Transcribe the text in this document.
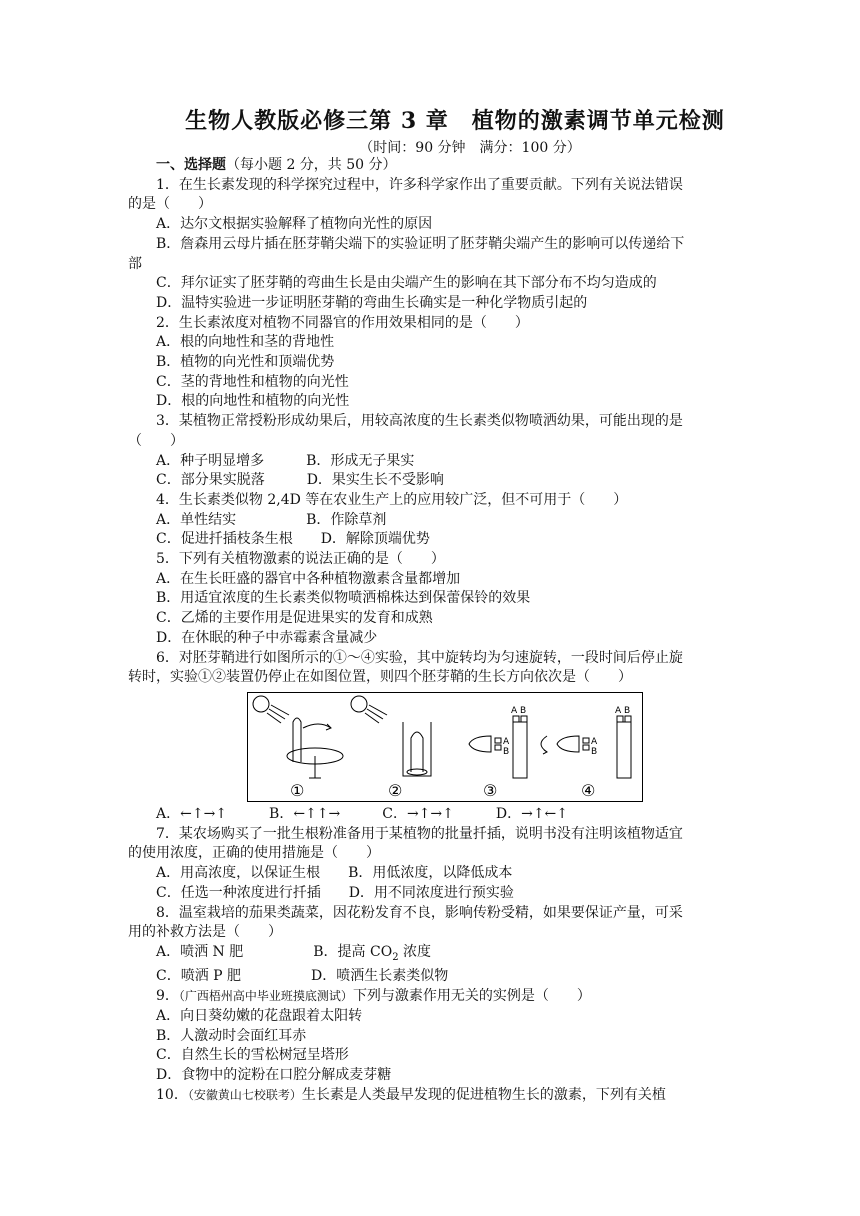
生物人教版必修三第 3 章　植物的激素调节单元检测
（时间：90 分钟　满分：100 分）

一、选择题（每小题 2 分，共 50 分）

1．在生长素发现的科学探究过程中，许多科学家作出了重要贡献。下列有关说法错误

的是（　　）

A．达尔文根据实验解释了植物向光性的原因

B．詹森用云母片插在胚芽鞘尖端下的实验证明了胚芽鞘尖端产生的影响可以传递给下

部

C．拜尔证实了胚芽鞘的弯曲生长是由尖端产生的影响在其下部分布不均匀造成的

D．温特实验进一步证明胚芽鞘的弯曲生长确实是一种化学物质引起的

2．生长素浓度对植物不同器官的作用效果相同的是（　　）

A．根的向地性和茎的背地性

B．植物的向光性和顶端优势

C．茎的背地性和植物的向光性

D．根的向地性和植物的向光性

3．某植物正常授粉形成幼果后，用较高浓度的生长素类似物喷洒幼果，可能出现的是

（　　）

A．种子明显增多　　　B．形成无子果实

C．部分果实脱落　　　D．果实生长不受影响

4．生长素类似物 2,4D 等在农业生产上的应用较广泛，但不可用于（　　）

A．单性结实　　　　　B．作除草剂

C．促进扦插枝条生根　　D．解除顶端优势

5．下列有关植物激素的说法正确的是（　　）

A．在生长旺盛的器官中各种植物激素含量都增加

B．用适宜浓度的生长素类似物喷洒棉株达到保蕾保铃的效果

C．乙烯的主要作用是促进果实的发育和成熟

D．在休眠的种子中赤霉素含量减少

6．对胚芽鞘进行如图所示的①～④实验，其中旋转均为匀速旋转，一段时间后停止旋

转时，实验①②装置仍停止在如图位置，则四个胚芽鞘的生长方向依次是（　　）

①	②
A
B
A B
③
A
B
A B
④

A．←↑→↑　　　B．←↑↑→　　　C．→↑→↑　　　D．→↑←↑

7．某农场购买了一批生根粉准备用于某植物的批量扦插，说明书没有注明该植物适宜

的使用浓度，正确的使用措施是（　　）

A．用高浓度，以保证生根　　B．用低浓度，以降低成本

C．任选一种浓度进行扦插　　D．用不同浓度进行预实验

8．温室栽培的茄果类蔬菜，因花粉发育不良，影响传粉受精，如果要保证产量，可采

用的补救方法是（　　）

A．喷洒 N 肥　　　　　	B．提高 $CO_2$ 浓度

C．喷洒 P 肥　　　　　D．喷洒生长素类似物

9．（广西梧州高中毕业班摸底测试）下列与激素作用无关的实例是（　　）

A．向日葵幼嫩的花盘跟着太阳转

B．人激动时会面红耳赤

C．自然生长的雪松树冠呈塔形

D．食物中的淀粉在口腔分解成麦芽糖

10．（安徽黄山七校联考）生长素是人类最早发现的促进植物生长的激素，下列有关植
